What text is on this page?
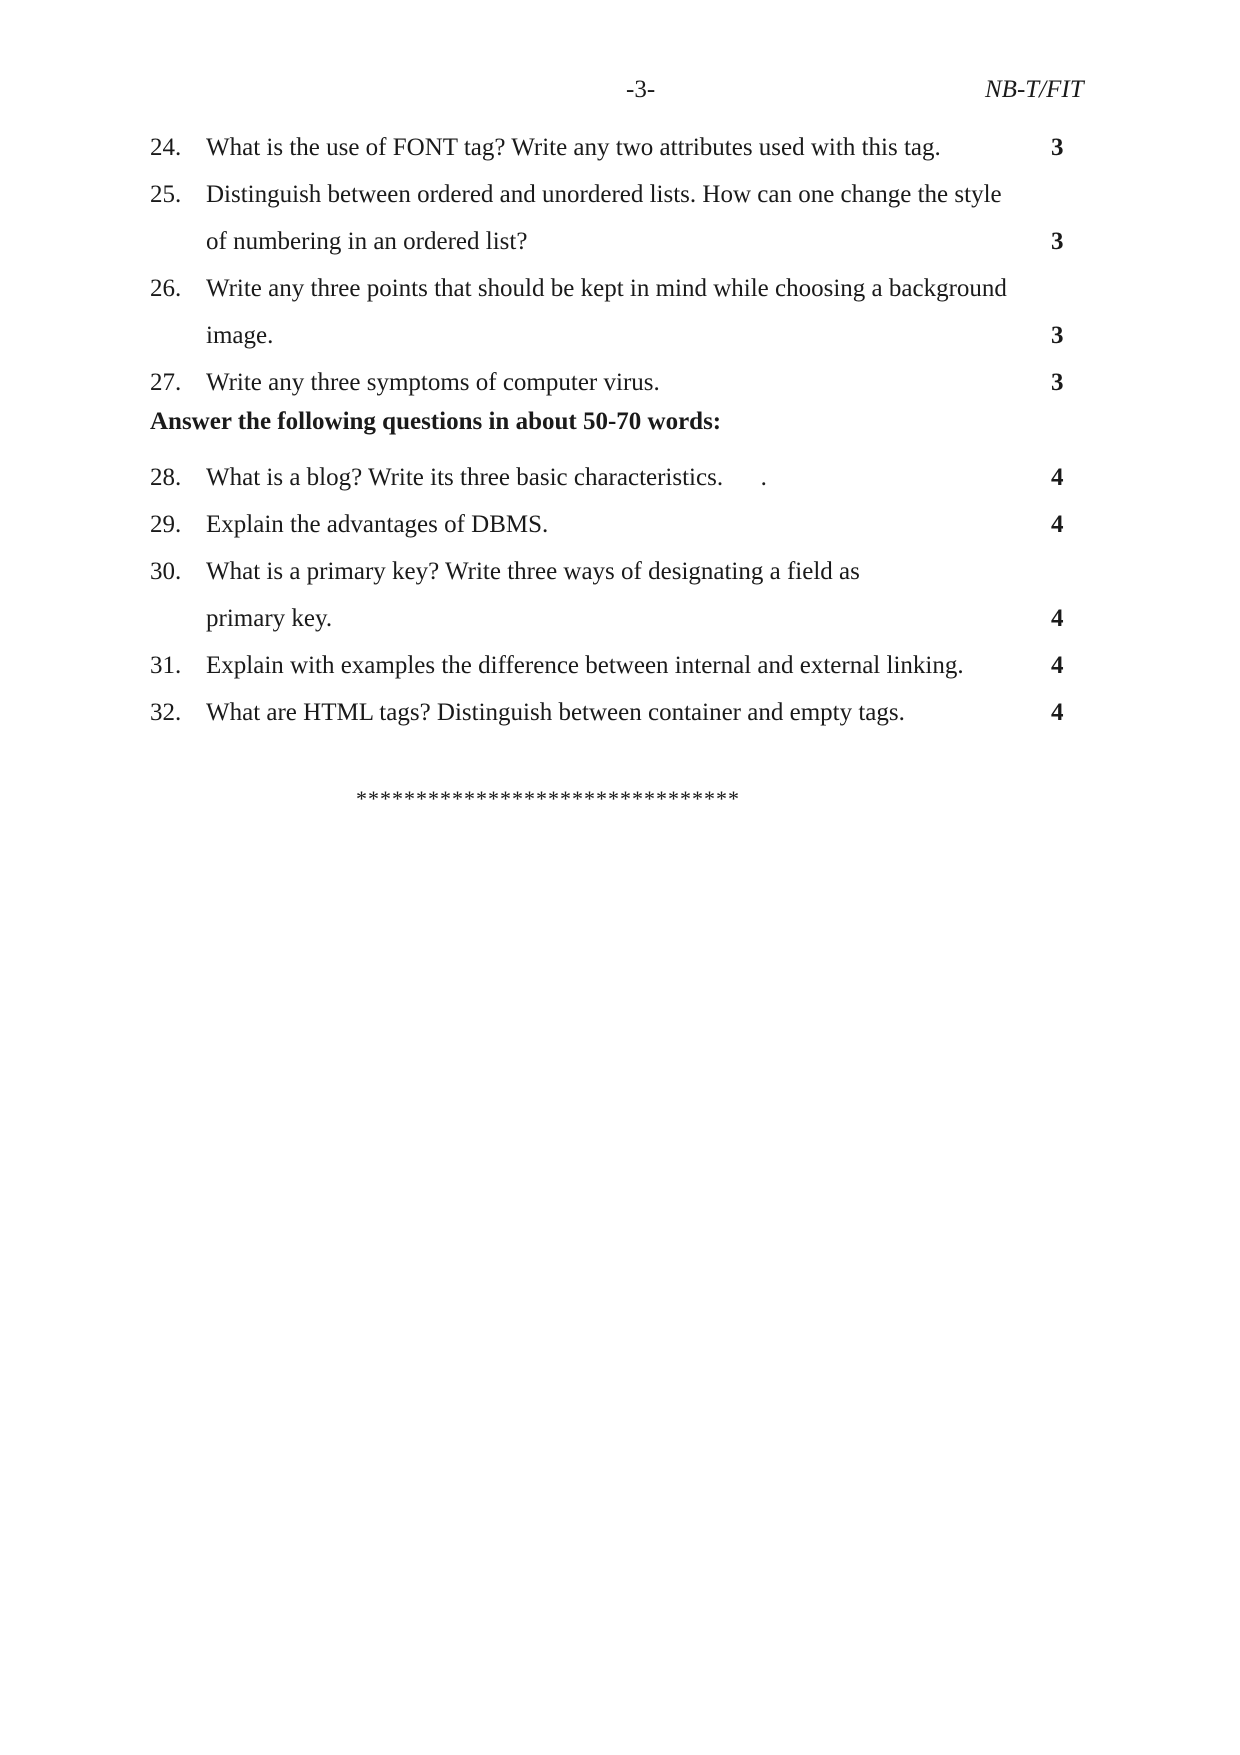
-3-	NB-T/FIT
24. What is the use of FONT tag? Write any two attributes used with this tag.	3
25. Distinguish between ordered and unordered lists. How can one change the style
of numbering in an ordered list?	3
26. Write any three points that should be kept in mind while choosing a background
image.	3
27. Write any three symptoms of computer virus.	3
Answer the following questions in about 50-70 words:
28. What is a blog? Write its three basic characteristics.      .	4
29. Explain the advantages of DBMS.	4
30. What is a primary key? Write three ways of designating a field as
primary key.	4
31. Explain with examples the difference between internal and external linking.	4
32. What are HTML tags? Distinguish between container and empty tags.	4
********************************
